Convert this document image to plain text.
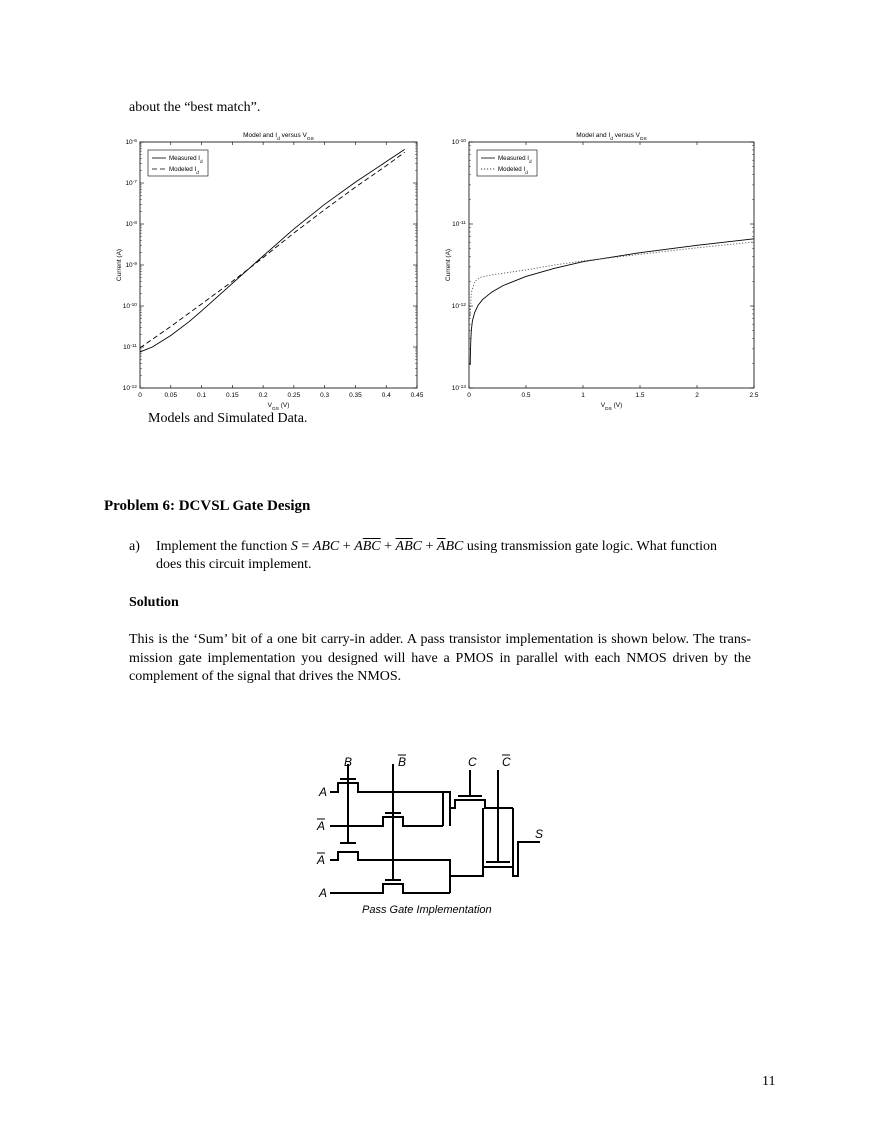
about the “best match”.
Model and $I_d$ versus $V_{GS}$
0	0.05	0.1	0.15	0.2	0.25	0.3	0.35	0.4	0.45
$10^{-12}$
$10^{-11}$
$10^{-10}$
$10^{-9}$
$10^{-8}$
$10^{-7}$
$10^{-6}$
$V_{GS}$ (V)
Current (A)
Measured $I_d$
Modeled $I_d$
Model and $I_d$ versus $V_{DS}$
0	0.5	1	1.5	2	2.5
$10^{-13}$
$10^{-12}$
$10^{-11}$
$10^{-10}$
$V_{DS}$ (V)
Current (A)
Measured $I_d$
Modeled $I_d$
Models and Simulated Data.
Problem 6: DCVSL Gate Design
a) Implement the function S = ABC + $A\overline{BC} + \overline{A}\overline{B}C + \overline{A}BC$ using transmission gate logic. What function
does this circuit implement.
Solution
This is the ‘Sum’ bit of a one bit carry-in adder. A pass transistor implementation is shown below. The trans-
mission gate implementation you designed will have a PMOS in parallel with each NMOS driven by the
complement of the signal that drives the NMOS.
B	B	C C
A
A
A
A
S
Pass Gate Implementation
11
